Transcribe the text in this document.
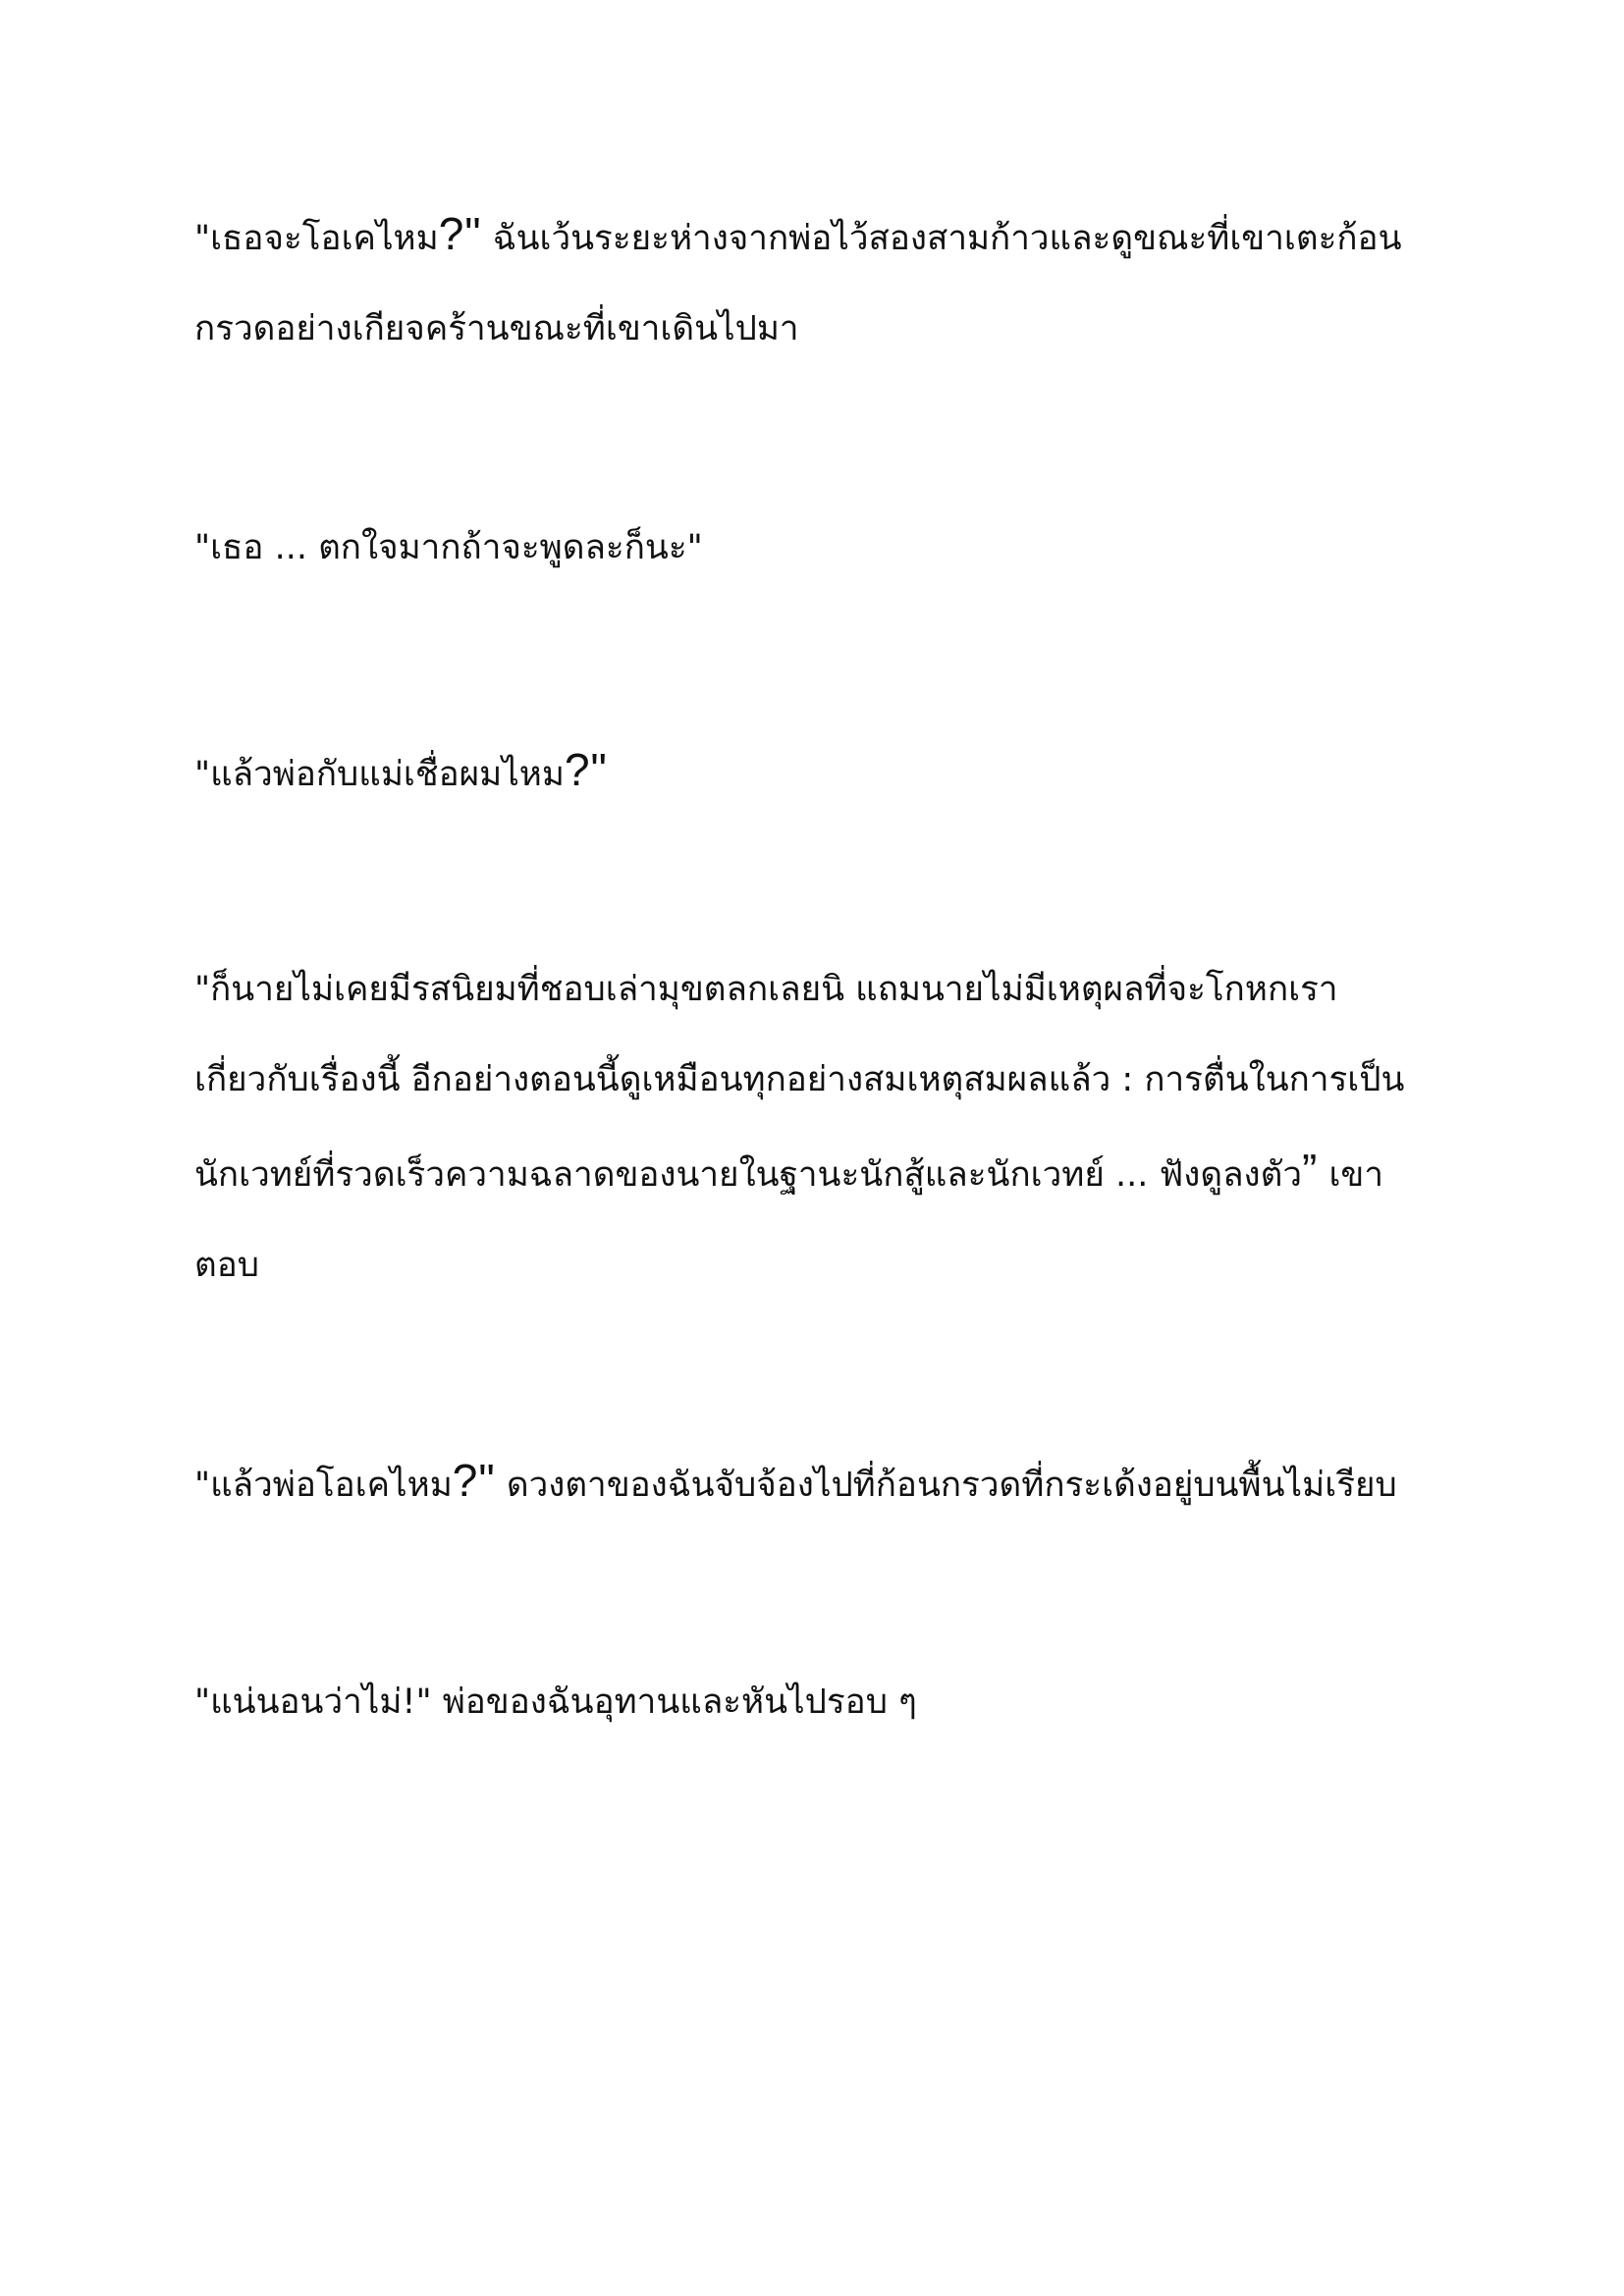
"เธอจะโอเคไหม?" ฉันเว้นระยะห่างจากพ่อไว้สองสามก้าวและดูขณะที่เขาเตะก้อน
กรวดอย่างเกียจคร้านขณะที่เขาเดินไปมา

"เธอ ... ตกใจมากถ้าจะพูดละก็นะ"

"แล้วพ่อกับแม่เชื่อผมไหม?"

"ก็นายไม่เคยมีรสนิยมที่ชอบเล่ามุขตลกเลยนิ แถมนายไม่มีเหตุผลที่จะโกหกเรา
เกี่ยวกับเรื่องนี้ อีกอย่างตอนนี้ดูเหมือนทุกอย่างสมเหตุสมผลแล้ว : การตื่นในการเป็น
นักเวทย์ที่รวดเร็วความฉลาดของนายในฐานะนักสู้และนักเวทย์ ... ฟังดูลงตัว” เขา
ตอบ

"แล้วพ่อโอเคไหม?" ดวงตาของฉันจับจ้องไปที่ก้อนกรวดที่กระเด้งอยู่บนพื้นไม่เรียบ

"แน่นอนว่าไม่!" พ่อของฉันอุทานและหันไปรอบ ๆ
